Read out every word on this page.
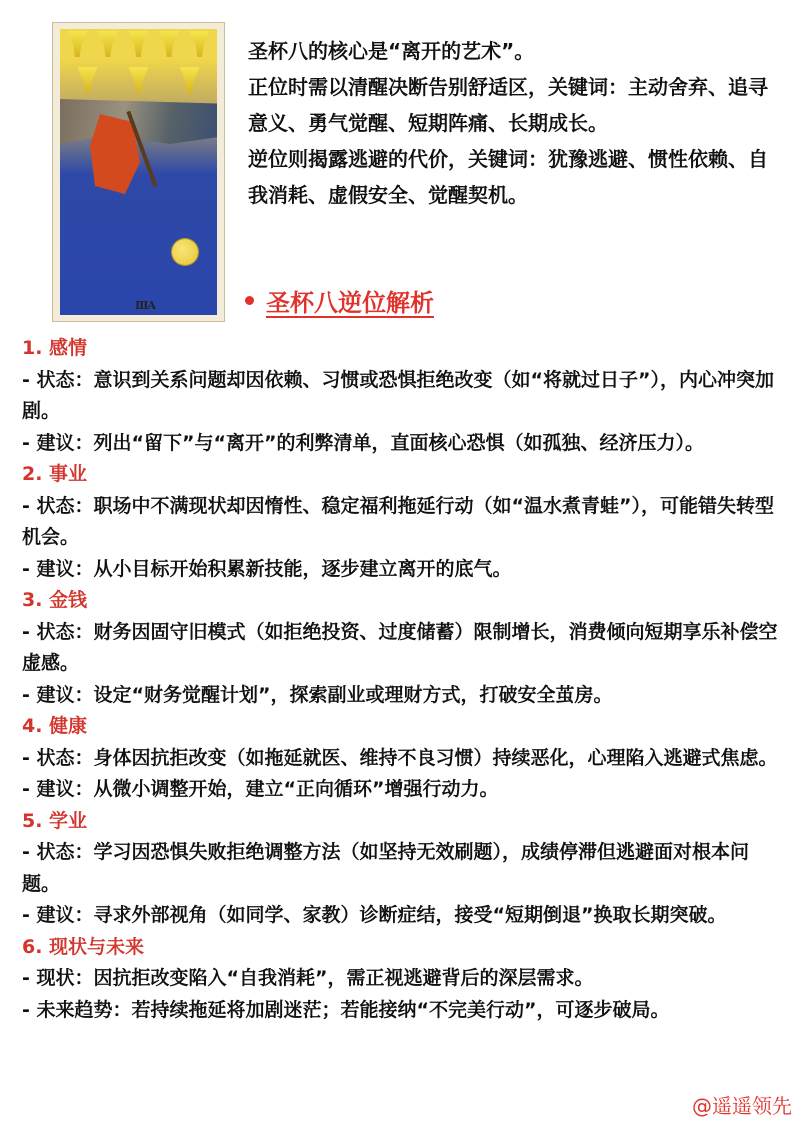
IIIA

圣杯八的核心是“离开的艺术”。

正位时需以清醒决断告别舒适区，关键词：主动舍弃、追寻意义、勇气觉醒、短期阵痛、长期成长。

逆位则揭露逃避的代价，关键词：犹豫逃避、惯性依赖、自我消耗、虚假安全、觉醒契机。

圣杯八逆位解析

1. 感情

- 状态：意识到关系问题却因依赖、习惯或恐惧拒绝改变（如“将就过日子”），内心冲突加剧。

- 建议：列出“留下”与“离开”的利弊清单，直面核心恐惧（如孤独、经济压力）。

2. 事业

- 状态：职场中不满现状却因惰性、稳定福利拖延行动（如“温水煮青蛙”），可能错失转型机会。

- 建议：从小目标开始积累新技能，逐步建立离开的底气。

3. 金钱

- 状态：财务因固守旧模式（如拒绝投资、过度储蓄）限制增长，消费倾向短期享乐补偿空虚感。

- 建议：设定“财务觉醒计划”，探索副业或理财方式，打破安全茧房。

4. 健康

- 状态：身体因抗拒改变（如拖延就医、维持不良习惯）持续恶化，心理陷入逃避式焦虑。

- 建议：从微小调整开始，建立“正向循环”增强行动力。

5. 学业

- 状态：学习因恐惧失败拒绝调整方法（如坚持无效刷题），成绩停滞但逃避面对根本问题。

- 建议：寻求外部视角（如同学、家教）诊断症结，接受“短期倒退”换取长期突破。

6. 现状与未来

- 现状：因抗拒改变陷入“自我消耗”，需正视逃避背后的深层需求。

- 未来趋势：若持续拖延将加剧迷茫；若能接纳“不完美行动”，可逐步破局。

@遥遥领先
